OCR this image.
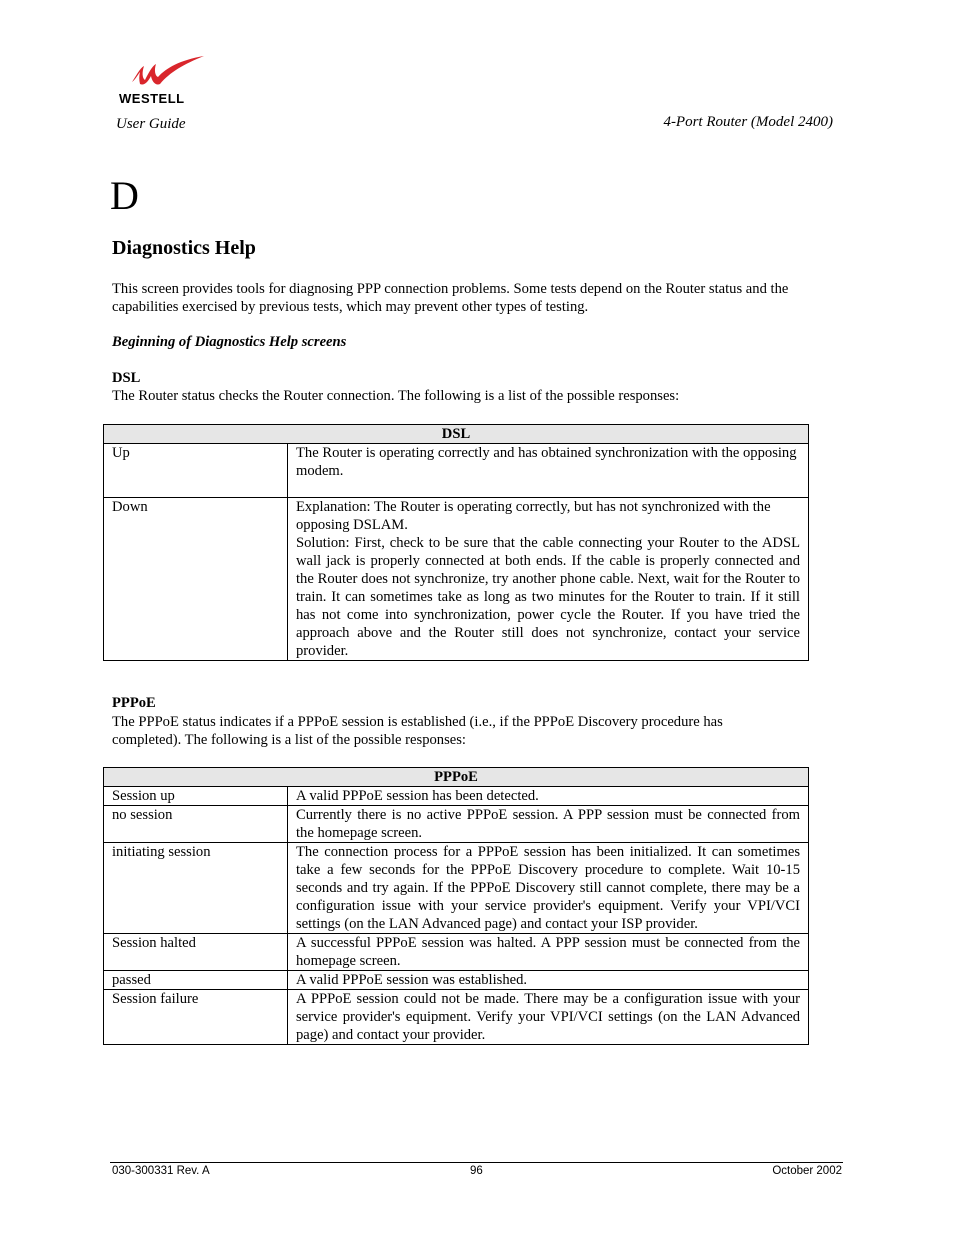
WESTELL
User Guide	4-Port Router (Model 2400)
D
Diagnostics Help

This screen provides tools for diagnosing PPP connection problems. Some tests depend on the Router status and the capabilities exercised by previous tests, which may prevent other types of testing.

Beginning of Diagnostics Help screens
DSL

The Router status checks the Router connection. The following is a list of the possible responses:

DSL	
Up	The Router is operating correctly and has obtained synchronization with the opposing modem.
Down	Explanation: The Router is operating correctly, but has not synchronized with the opposing DSLAM.
Solution: First, check to be sure that the cable connecting your Router to the ADSL wall jack is properly connected at both ends. If the cable is properly connected and the Router does not synchronize, try another phone cable. Next, wait for the Router to train. It can sometimes take as long as two minutes for the Router to train. If it still has not come into synchronization, power cycle the Router. If you have tried the approach above and the Router still does not synchronize, contact your service provider.
PPPoE

The PPPoE status indicates if a PPPoE session is established (i.e., if the PPPoE Discovery procedure has completed). The following is a list of the possible responses:

PPPoE	
Session up	A valid PPPoE session has been detected.
no session	Currently there is no active PPPoE session. A PPP session must be connected from the homepage screen.
initiating session	The connection process for a PPPoE session has been initialized. It can sometimes take a few seconds for the PPPoE Discovery procedure to complete. Wait 10-15 seconds and try again. If the PPPoE Discovery still cannot complete, there may be a configuration issue with your service provider's equipment. Verify your VPI/VCI settings (on the LAN Advanced page) and contact your ISP provider.
Session halted	A successful PPPoE session was halted. A PPP session must be connected from the homepage screen.
passed	A valid PPPoE session was established.
Session failure	A PPPoE session could not be made. There may be a configuration issue with your service provider's equipment. Verify your VPI/VCI settings (on the LAN Advanced page) and contact your provider.
030-300331 Rev. A	96	October 2002
